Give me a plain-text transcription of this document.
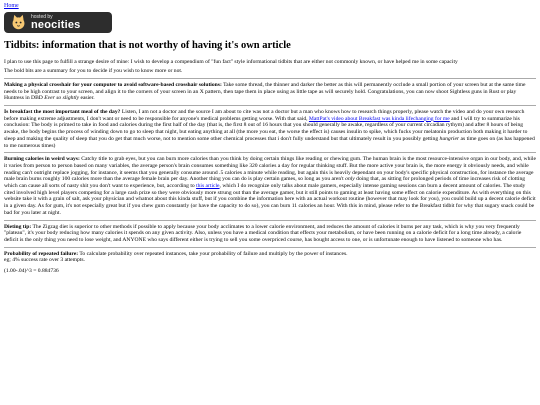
Home
hosted by
neocities
Tidbits: information that is not worthy of having it's own article

I plan to use this page to fulfill a strange desire of mine: I wish to develop a compendium of "fun fact" style informational tidbits that are either not commonly known, or have helped me in some capacity

The bold bits are a summary for you to decide if you wish to know more or not.

Making a physical crosshair for your computer to avoid software-based crosshair solutions: Take some thread, the thinner and darker the better as this will permanently occlude a small portion of your screen but at the same time needs to be high contrast to your screen, and align it to the corners of your screen in an X pattern, then tape them in place using as little tape as will securely hold. Congratulations, you can now shoot Sightless guns in Rust or play Huntress in DBD Ever so slightly easier.
Is breakfast the most important meal of the day? Listen, I am not a doctor and the source I am about to cite was not a doctor but a man who knows how to research things properly, please watch the video and do your own research before making extreme adjustments, I don't want or need to be responsible for anyone's medical problems getting worse. With that said, MattPat's video about Breakfast was kinda lifechanging for me and I will try to summarize his conclusion: The body is primed to take in food and calories during the first half of the day (that is, the first 8 out of 16 hours that you should generally be awake, regardless of your current circadian rythym) and after 8 hours of being awake, the body begins the process of winding down to go to sleep that night, but eating anything at all (the more you eat, the worse the effect is) causes insulin to spike, which fucks your melatonin production both making it harder to sleep and making the quality of sleep that you do get that much worse, not to mention some other chemical processes that i don't fully understand but that ultimately result in you possibly getting hungrier as time goes on (as has happened to me numerous times)
Burning calories in weird ways: Catchy title to grab eyes, but you can burn more calories than you think by doing certain things like reading or chewing gum. The human brain is the most resource-intensive organ in our body, and, while it varies from person to person based on many variables, the average person's brain consumes something like 320 calories a day for regular thinking stuff. But the more active your brain is, the more energy it obviously needs, and while reading can't outright replace jogging, for instance, it seems that you generally consume around .5 calories a minute while reading, but again this is heavily dependant on your body's specific physical construction, for instance the average male brain burns roughly 100 calories more than the average female brain per day. Another thing you can do is play certain games, so long as you aren't only doing that, as sitting for prolonged periods of time increases risk of clotting which can cause all sorts of nasty shit you don't want to experience, but, according to this article, which I do recognize only talks about male gamers, especially intense gaming sessions can burn a decent amount of calories. The study cited involved high level players competing for a large cash prize so they were obviously more strung out than the average gamer, but it still points to gaming at least having some effect on calorie expenditure. As with everything on this website take it with a grain of salt, ask your physician and whatnot about this kinda stuff, but if you combine the information here with an actual workout routine (however that may look for you), you could build up a decent calorie deficit in a given day. As for gum, it's not especially great but if you chew gum constantly (or have the capacity to do so), you can burn 11 calories an hour. With this in mind, please refer to the Breakfast tidbit for why that sugary snack could be bad for you later at night.
Dieting tip: The Zigzag diet is superior to other methods if possible to apply because your body acclimates to a lower calorie environment, and reduces the amount of calories it burns per any task, which is why you very frequently "plateau", it's your body reducing how many calories it spends on any given activity. Also, unless you have a medical condition that effects your metabolism, or have been running on a calorie deficit for a long time already, a calorie deficit is the only thing you need to lose weight, and ANYONE who says different either is trying to sell you some overpriced course, has bought access to one, or is unfortunate enough to have listened to someone who has.
Probability of repeated failure: To calculate probability over repeated instances, take your probability of failure and multiply by the power of instances.
eg; 4% success rate over 3 attempts.
(1.00-.04)^3 = 0.884736
